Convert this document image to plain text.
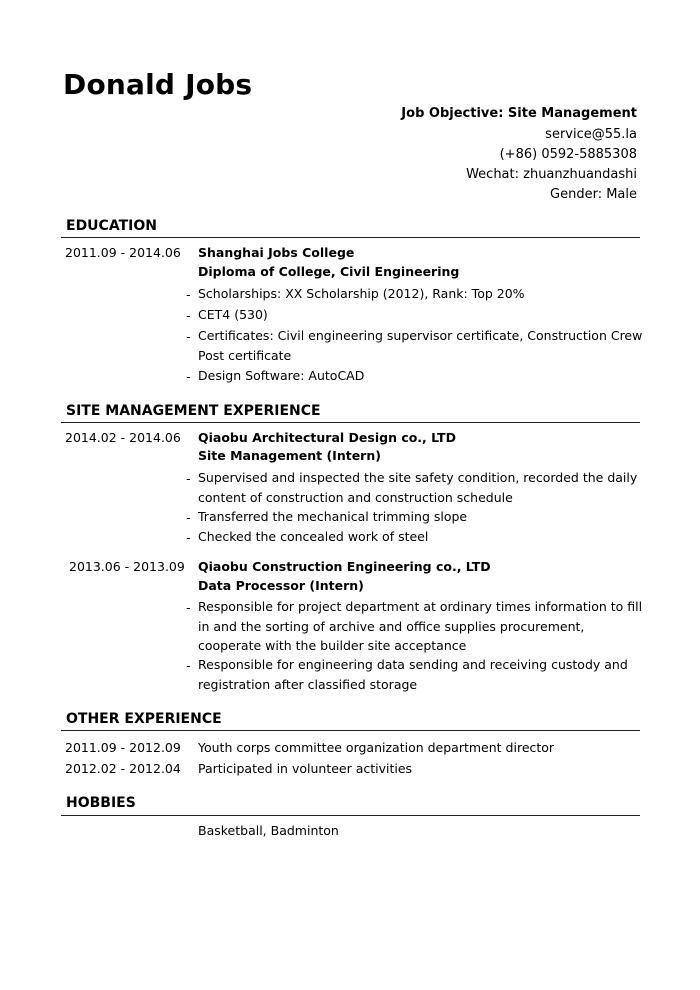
Donald Jobs
Job Objective: Site Management
service@55.la
(+86) 0592-5885308
Wechat: zhuanzhuandashi
Gender: Male
EDUCATION
2011.09 - 2014.06 Shanghai Jobs College
Diploma of College, Civil Engineering
- Scholarships: XX Scholarship (2012), Rank: Top 20%
- CET4 (530)
- Certificates: Civil engineering supervisor certificate, Construction Crew Post certificate
- Design Software: AutoCAD
SITE MANAGEMENT EXPERIENCE
2014.02 - 2014.06 Qiaobu Architectural Design co., LTD
Site Management (Intern)
- Supervised and inspected the site safety condition, recorded the daily content of construction and construction schedule
- Transferred the mechanical trimming slope
- Checked the concealed work of steel
2013.06 - 2013.09 Qiaobu Construction Engineering co., LTD
Data Processor (Intern)
- Responsible for project department at ordinary times information to fill in and the sorting of archive and office supplies procurement, cooperate with the builder site acceptance
- Responsible for engineering data sending and receiving custody and registration after classified storage
OTHER EXPERIENCE
2011.09 - 2012.09 Youth corps committee organization department director
2012.02 - 2012.04 Participated in volunteer activities
HOBBIES
Basketball, Badminton
